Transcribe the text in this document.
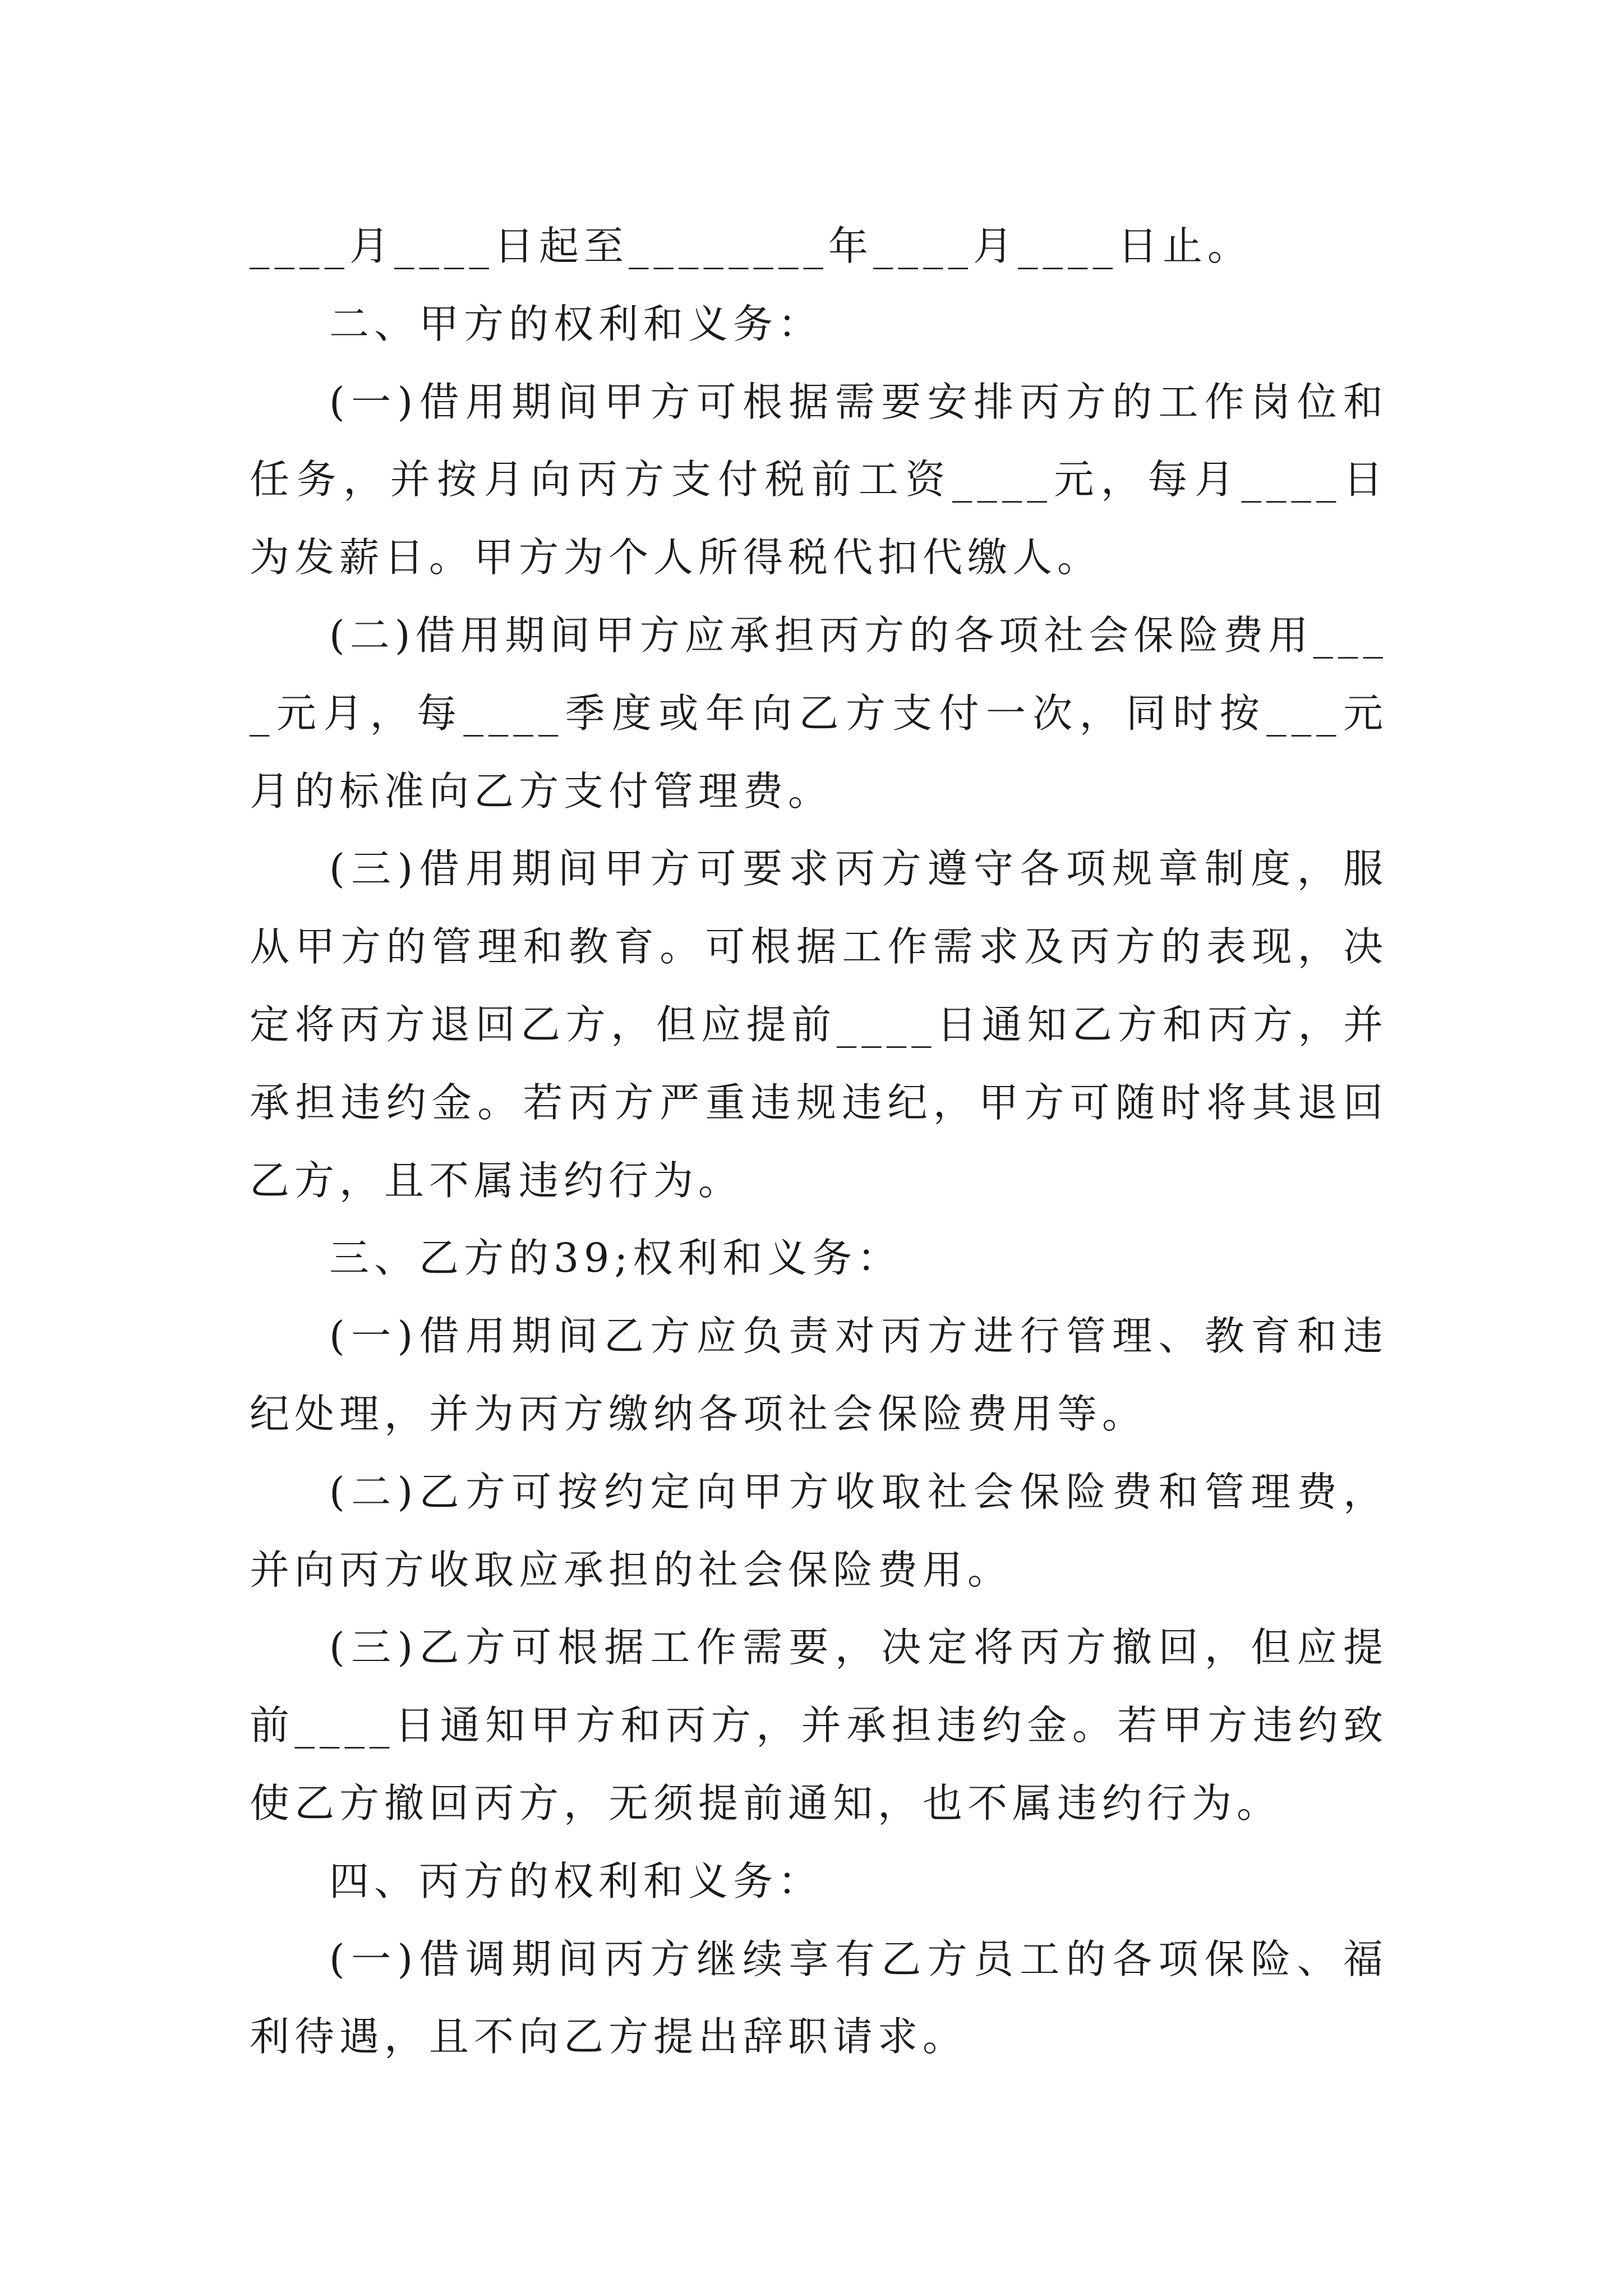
____月____日起至________年____月____日止。

二、甲方的权利和义务：

(一)借用期间甲方可根据需要安排丙方的工作岗位和任务，并按月向丙方支付税前工资____元，每月____日为发薪日。甲方为个人所得税代扣代缴人。

(二)借用期间甲方应承担丙方的各项社会保险费用____元月，每____季度或年向乙方支付一次，同时按___元月的标准向乙方支付管理费。

(三)借用期间甲方可要求丙方遵守各项规章制度，服从甲方的管理和教育。可根据工作需求及丙方的表现，决定将丙方退回乙方，但应提前____日通知乙方和丙方，并承担违约金。若丙方严重违规违纪，甲方可随时将其退回乙方，且不属违约行为。

三、乙方的39;权利和义务：

(一)借用期间乙方应负责对丙方进行管理、教育和违纪处理，并为丙方缴纳各项社会保险费用等。

(二)乙方可按约定向甲方收取社会保险费和管理费，并向丙方收取应承担的社会保险费用。

(三)乙方可根据工作需要，决定将丙方撤回，但应提前____日通知甲方和丙方，并承担违约金。若甲方违约致使乙方撤回丙方，无须提前通知，也不属违约行为。

四、丙方的权利和义务：

(一)借调期间丙方继续享有乙方员工的各项保险、福利待遇，且不向乙方提出辞职请求。
